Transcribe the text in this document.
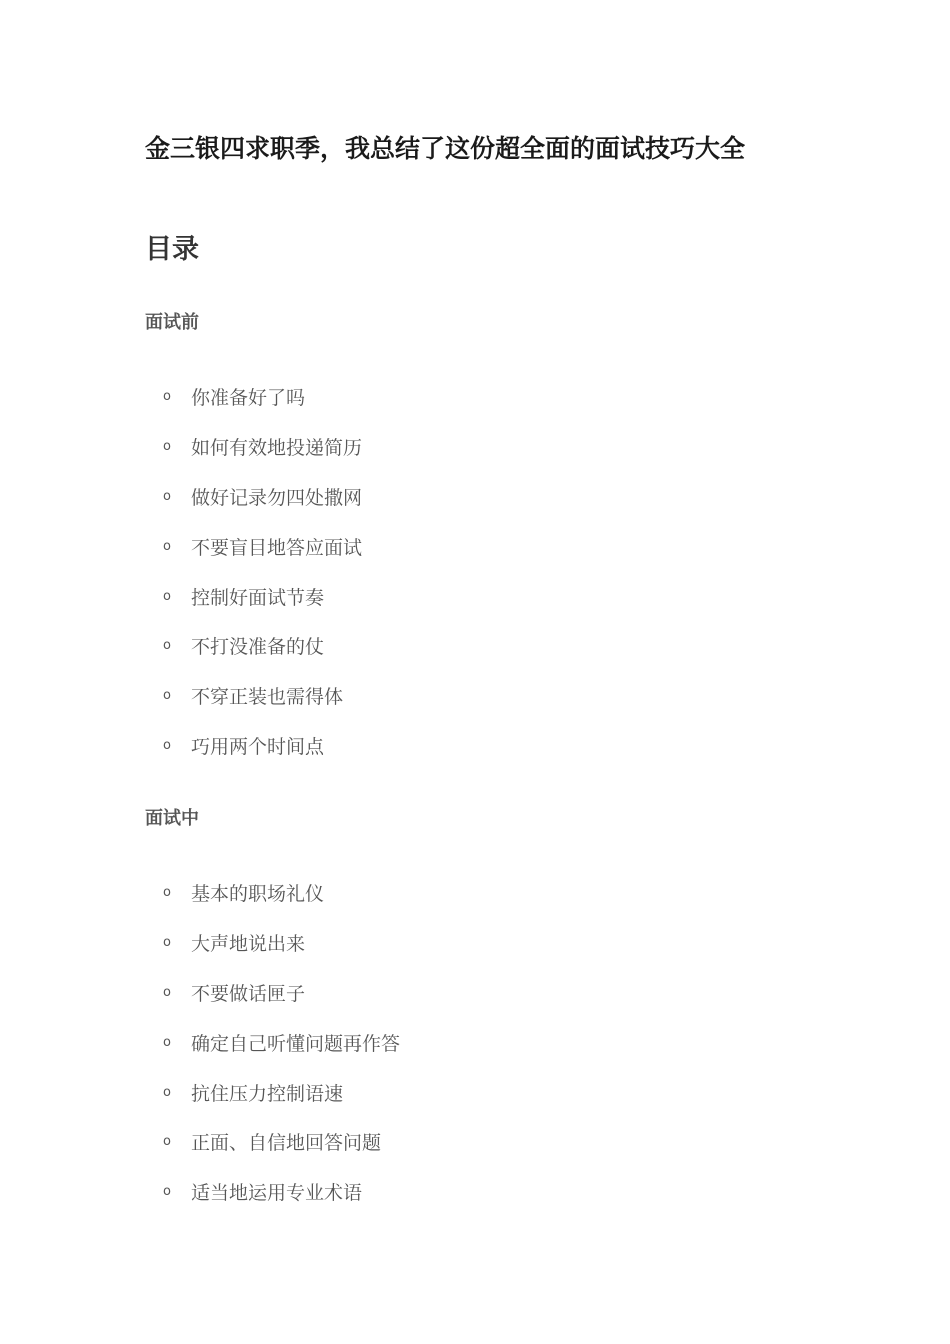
金三银四求职季，我总结了这份超全面的面试技巧大全
目录
面试前
o	你准备好了吗
o	如何有效地投递简历
o	做好记录勿四处撒网
o	不要盲目地答应面试
o	控制好面试节奏
o	不打没准备的仗
o	不穿正装也需得体
o	巧用两个时间点
面试中
o	基本的职场礼仪
o	大声地说出来
o	不要做话匣子
o	确定自己听懂问题再作答
o	抗住压力控制语速
o	正面、自信地回答问题
o	适当地运用专业术语
